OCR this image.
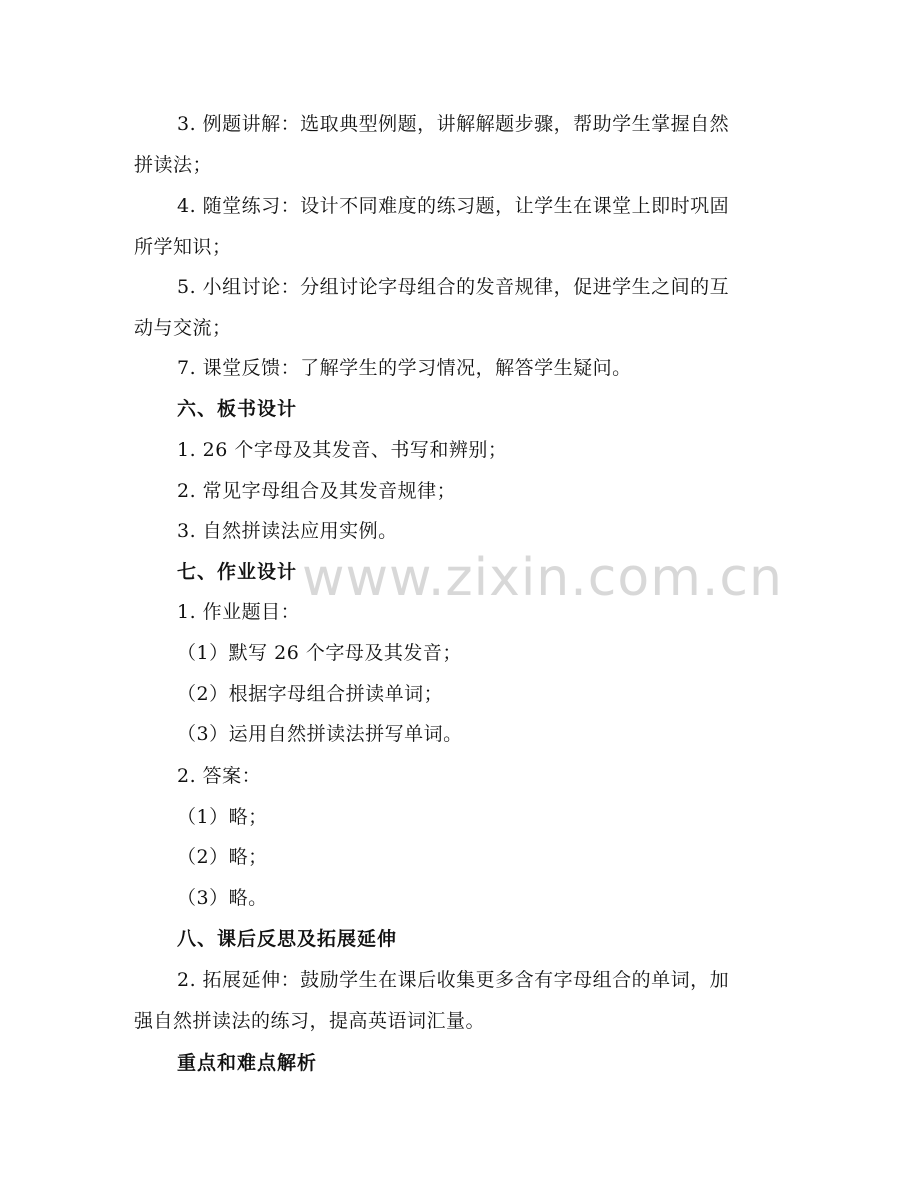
3. 例题讲解：选取典型例题，讲解解题步骤，帮助学生掌握自然
拼读法；
4. 随堂练习：设计不同难度的练习题，让学生在课堂上即时巩固
所学知识；
5. 小组讨论：分组讨论字母组合的发音规律，促进学生之间的互
动与交流；
7. 课堂反馈：了解学生的学习情况，解答学生疑问。
六、板书设计
1. 26 个字母及其发音、书写和辨别；
2. 常见字母组合及其发音规律；
3. 自然拼读法应用实例。
七、作业设计
1. 作业题目：
（1）默写 26 个字母及其发音；
（2）根据字母组合拼读单词；
（3）运用自然拼读法拼写单词。
2. 答案：
（1）略；
（2）略；
（3）略。
八、课后反思及拓展延伸
2. 拓展延伸：鼓励学生在课后收集更多含有字母组合的单词，加
强自然拼读法的练习，提高英语词汇量。
重点和难点解析
www.zixin.com.cn
